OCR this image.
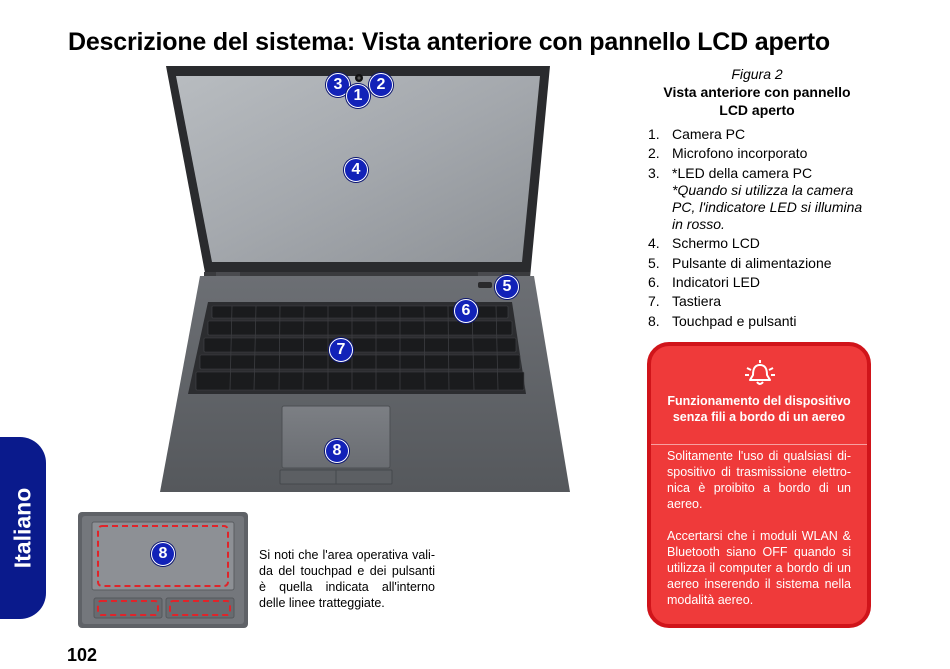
Descrizione del sistema: Vista anteriore con pannello LCD aperto
Italiano
102
3	2
1
4
5
6
7
8
Figura 2
Vista anteriore con pannello LCD aperto
1. Camera PC
2. Microfono incorporato
3. *LED della camera PC
*Quando si utilizza la camera PC, l'indicatore LED si illumina in rosso.
4. Schermo LCD
5. Pulsante di alimentazione
6. Indicatori LED
7. Tastiera
8. Touchpad e pulsanti
8	Si noti che l'area operativa vali-da del touchpad e dei pulsanti è quella indicata all'interno delle linee tratteggiate.
Funzionamento del dispositivo senza fili a bordo di un aereo
Solitamente l'uso di qualsiasi di-spositivo di trasmissione elettro-nica è proibito a bordo di un aereo.
Accertarsi che i moduli WLAN & Bluetooth siano OFF quando si utilizza il computer a bordo di un aereo inserendo il sistema nella modalità aereo.
